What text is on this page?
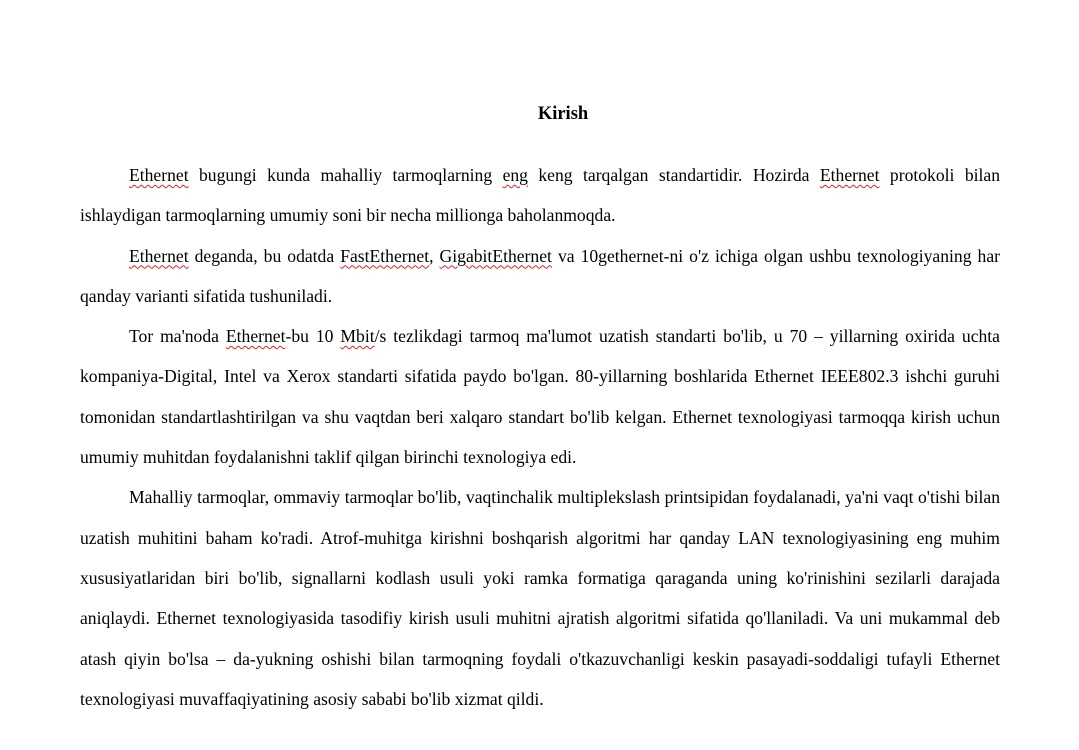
Kirish

Ethernet bugungi kunda mahalliy tarmoqlarning eng keng tarqalgan standartidir. Hozirda Ethernet protokoli bilan ishlaydigan tarmoqlarning umumiy soni bir necha millionga baholanmoqda.

Ethernet deganda, bu odatda FastEthernet, GigabitEthernet va 10gethernet-ni o'z ichiga olgan ushbu texnologiyaning har qanday varianti sifatida tushuniladi.

Tor ma'noda Ethernet-bu 10 Mbit/s tezlikdagi tarmoq ma'lumot uzatish standarti bo'lib, u 70 – yillarning oxirida uchta kompaniya-Digital, Intel va Xerox standarti sifatida paydo bo'lgan. 80-yillarning boshlarida Ethernet IEEE802.3 ishchi guruhi tomonidan standartlashtirilgan va shu vaqtdan beri xalqaro standart bo'lib kelgan. Ethernet texnologiyasi tarmoqqa kirish uchun umumiy muhitdan foydalanishni taklif qilgan birinchi texnologiya edi.

Mahalliy tarmoqlar, ommaviy tarmoqlar bo'lib, vaqtinchalik multiplekslash printsipidan foydalanadi, ya'ni vaqt o'tishi bilan uzatish muhitini baham ko'radi. Atrof-muhitga kirishni boshqarish algoritmi har qanday LAN texnologiyasining eng muhim xususiyatlaridan biri bo'lib, signallarni kodlash usuli yoki ramka formatiga qaraganda uning ko'rinishini sezilarli darajada aniqlaydi. Ethernet texnologiyasida tasodifiy kirish usuli muhitni ajratish algoritmi sifatida qo'llaniladi. Va uni mukammal deb atash qiyin bo'lsa – da-yukning oshishi bilan tarmoqning foydali o'tkazuvchanligi keskin pasayadi-soddaligi tufayli Ethernet texnologiyasi muvaffaqiyatining asosiy sababi bo'lib xizmat qildi.
